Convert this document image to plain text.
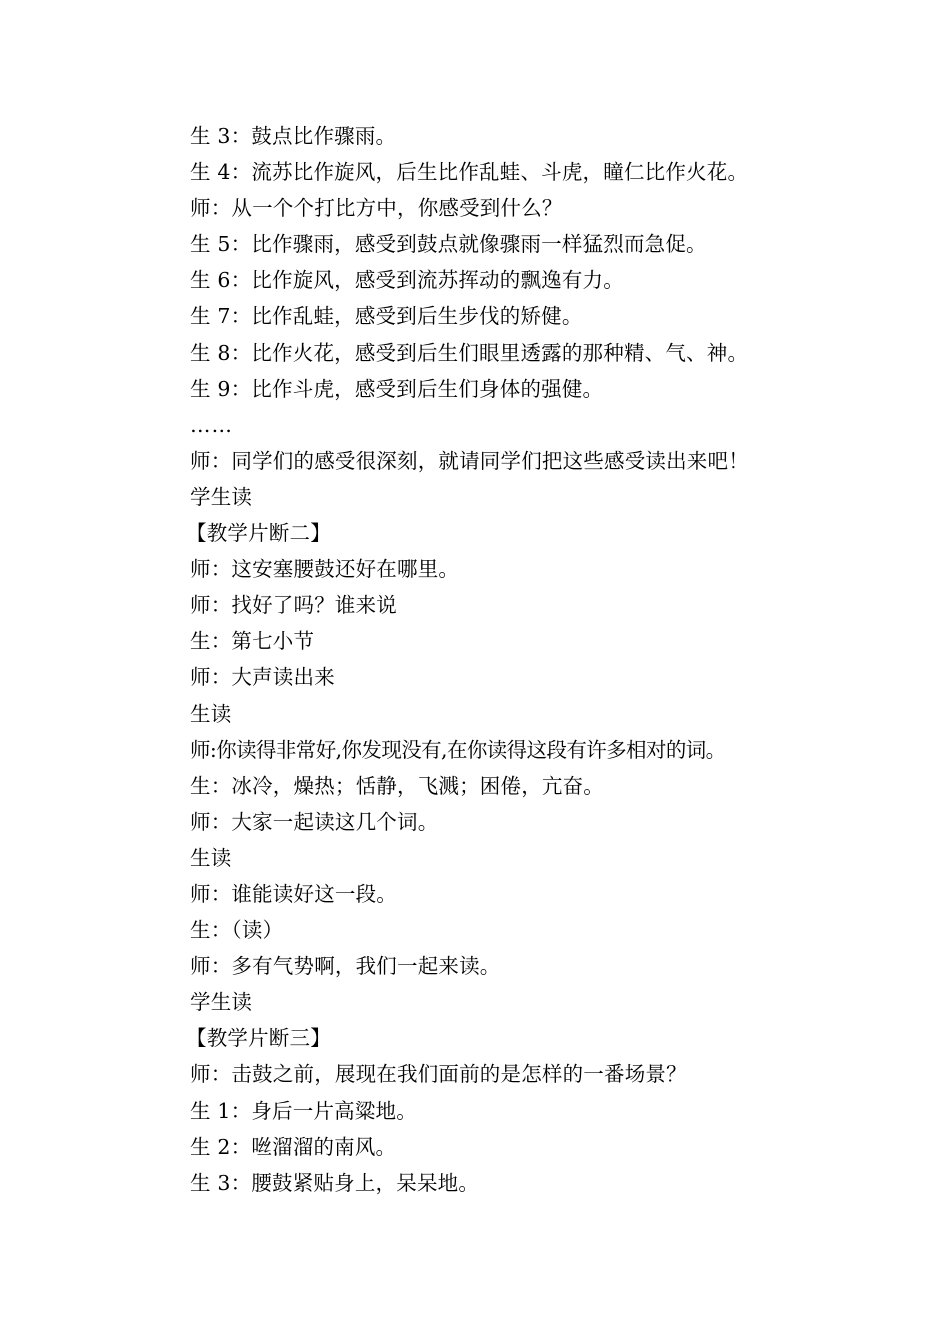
生 3：鼓点比作骤雨。
生 4：流苏比作旋风，后生比作乱蛙、斗虎，瞳仁比作火花。
师：从一个个打比方中，你感受到什么？
生 5：比作骤雨，感受到鼓点就像骤雨一样猛烈而急促。
生 6：比作旋风，感受到流苏挥动的飘逸有力。
生 7：比作乱蛙，感受到后生步伐的矫健。
生 8：比作火花，感受到后生们眼里透露的那种精、气、神。
生 9：比作斗虎，感受到后生们身体的强健。
……
师：同学们的感受很深刻，就请同学们把这些感受读出来吧！
学生读
【教学片断二】
师：这安塞腰鼓还好在哪里。
师：找好了吗？谁来说
生：第七小节
师：大声读出来
生读
师:你读得非常好,你发现没有,在你读得这段有许多相对的词。
生：冰冷，燥热；恬静，飞溅；困倦，亢奋。
师：大家一起读这几个词。
生读
师：谁能读好这一段。
生：（读）
师：多有气势啊，我们一起来读。
学生读
【教学片断三】
师：击鼓之前，展现在我们面前的是怎样的一番场景？
生 1：身后一片高粱地。
生 2：咝溜溜的南风。
生 3：腰鼓紧贴身上，呆呆地。
